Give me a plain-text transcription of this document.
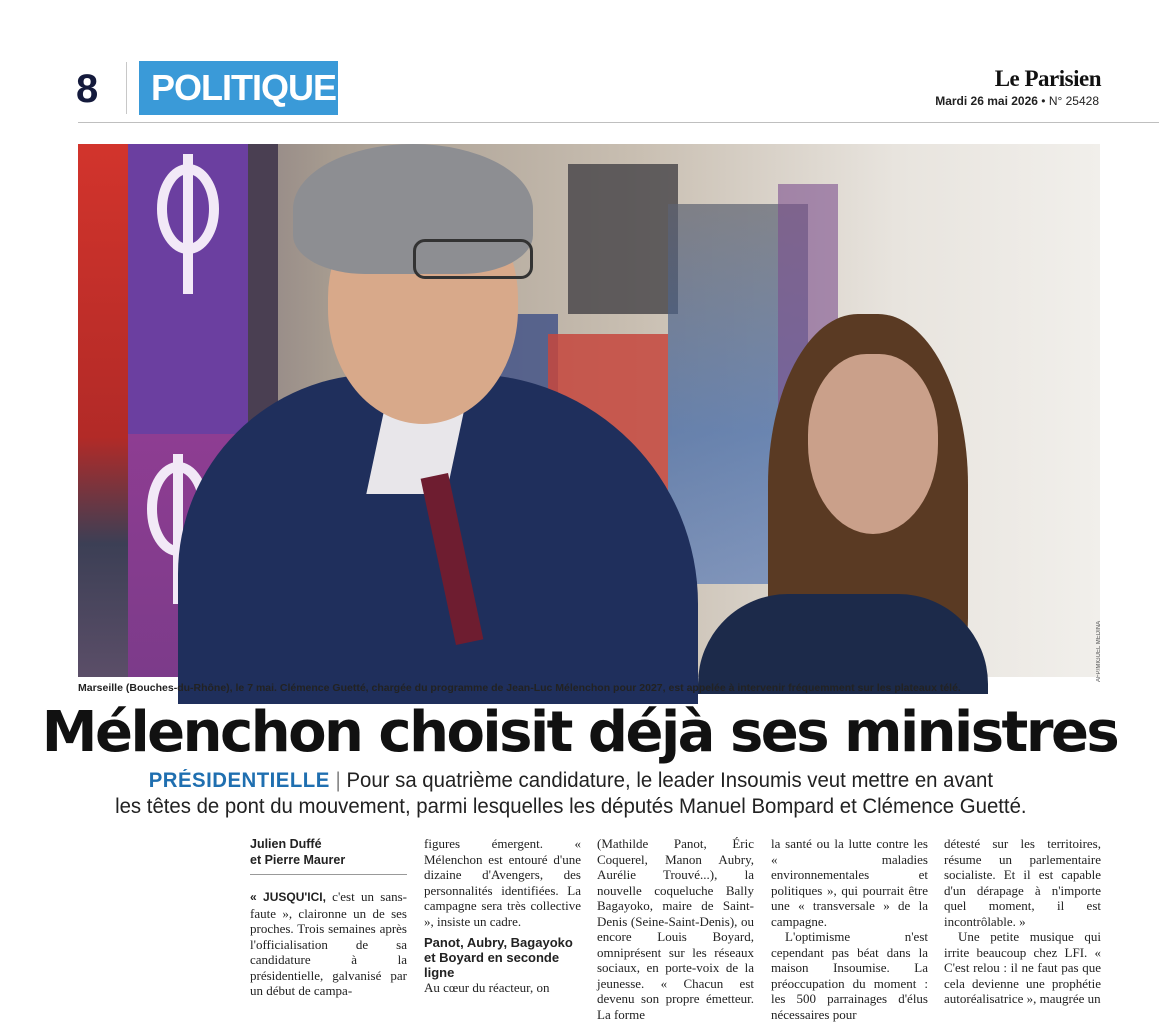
8	POLITIQUE	Le Parisien
Mardi 26 mai 2026 • N° 25428
AFP/MIGUEL MEDINA
Marseille (Bouches-du-Rhône), le 7 mai. Clémence Guetté, chargée du programme de Jean-Luc Mélenchon pour 2027, est appelée à intervenir fréquemment sur les plateaux télé.
Mélenchon choisit déjà ses ministres
PRÉSIDENTIELLE | Pour sa quatrième candidature, le leader Insoumis veut mettre en avant
les têtes de pont du mouvement, parmi lesquelles les députés Manuel Bompard et Clémence Guetté.
Julien Duffé
et Pierre Maurer

« JUSQU'ICI, c'est un sans-faute », claironne un de ses proches. Trois semaines après l'officialisation de sa candidature à la présidentielle, galvanisé par un début de campa-

figures émergent. « Mélenchon est entouré d'une dizaine d'Avengers, des personnalités identifiées. La campagne sera très collective », insiste un cadre.

Panot, Aubry, Bagayoko et Boyard en seconde ligne

Au cœur du réacteur, on

(Mathilde Panot, Éric Coquerel, Manon Aubry, Aurélie Trouvé...), la nouvelle coqueluche Bally Bagayoko, maire de Saint-Denis (Seine-Saint-Denis), ou encore Louis Boyard, omniprésent sur les réseaux sociaux, en porte-voix de la jeunesse. « Chacun est devenu son propre émetteur. La forme

la santé ou la lutte contre les « maladies environnementales et politiques », qui pourrait être une « transversale » de la campagne.

L'optimisme n'est cependant pas béat dans la maison Insoumise. La préoccupation du moment : les 500 parrainages d'élus nécessaires pour

détesté sur les territoires, résume un parlementaire socialiste. Et il est capable d'un dérapage à n'importe quel moment, il est incontrôlable. »

Une petite musique qui irrite beaucoup chez LFI. « C'est relou : il ne faut pas que cela devienne une prophétie autoréalisatrice », maugrée un
